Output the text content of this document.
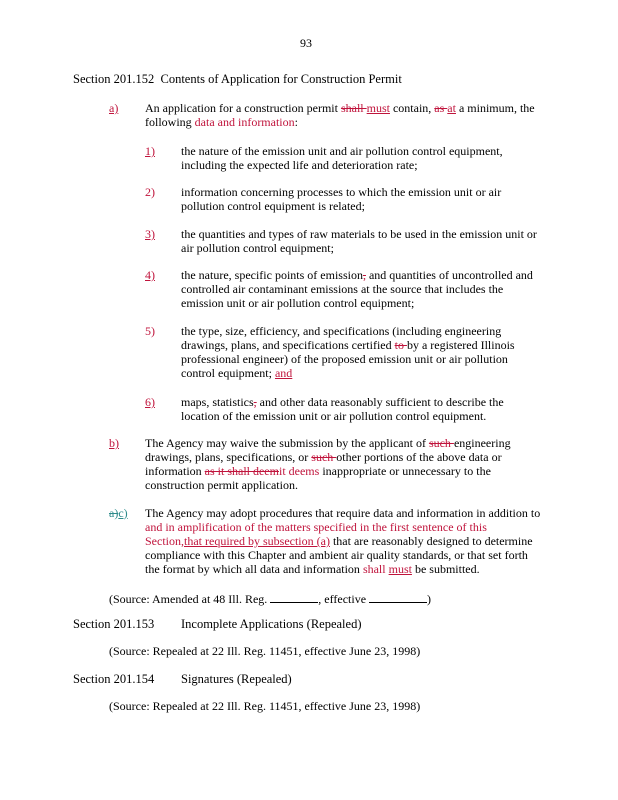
93
Section 201.152 Contents of Application for Construction Permit
a)	An application for a construction permit shall must contain, as at a minimum, the
following data and information:
1)	the nature of the emission unit and air pollution control equipment,
including the expected life and deterioration rate;
2) information concerning processes to which the emission unit or air
pollution control equipment is related;
3)	the quantities and types of raw materials to be used in the emission unit or
air pollution control equipment;
4)	the nature, specific points of emission, and quantities of uncontrolled and
controlled air contaminant emissions at the source that includes the
emission unit or air pollution control equipment;
5) the type, size, efficiency, and specifications (including engineering
drawings, plans, and specifications certified to by a registered Illinois
professional engineer) of the proposed emission unit or air pollution
control equipment; and
6)	maps, statistics, and other data reasonably sufficient to describe the
location of the emission unit or air pollution control equipment.
b)	The Agency may waive the submission by the applicant of such engineering
drawings, plans, specifications, or such other portions of the above data or
information as it shall deemit deems inappropriate or unnecessary to the
construction permit application.
a)c)	The Agency may adopt procedures that require data and information in addition to
and in amplification of the matters specified in the first sentence of this
Section,that required by subsection (a) that are reasonably designed to determine
compliance with this Chapter and ambient air quality standards, or that set forth
the format by which all data and information shall must be submitted.
(Source: Amended at 48 Ill. Reg.	, effective	)
Section 201.153 Incomplete Applications (Repealed)
(Source: Repealed at 22 Ill. Reg. 11451, effective June 23, 1998)
Section 201.154 Signatures (Repealed)
(Source: Repealed at 22 Ill. Reg. 11451, effective June 23, 1998)
